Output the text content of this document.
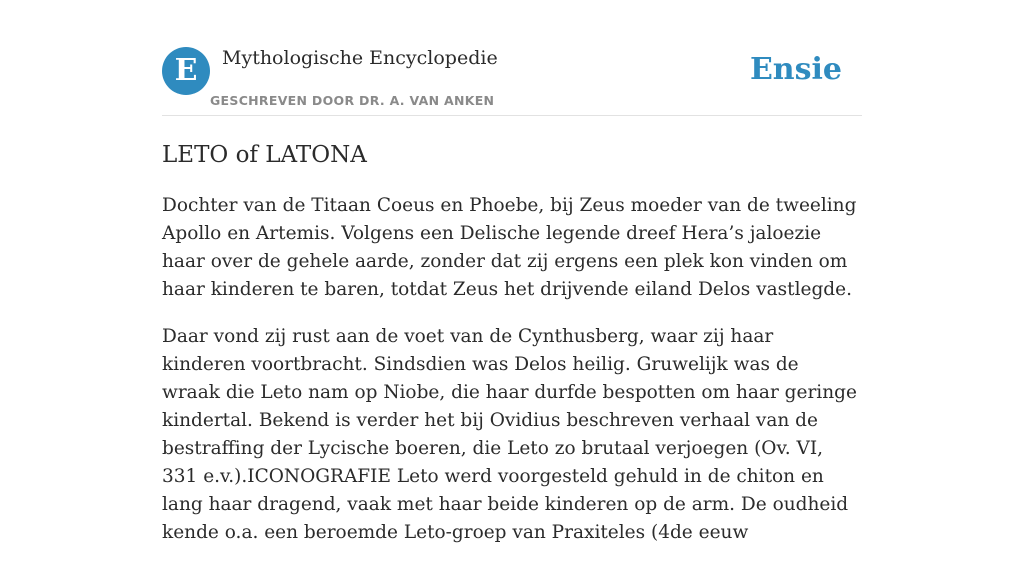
E	Mythologische Encyclopedie
GESCHREVEN DOOR DR. A. VAN ANKEN
Ensie
LETO of LATONA

Dochter van de Titaan Coeus en Phoebe, bij Zeus moeder van de tweeling Apollo en Artemis. Volgens een Delische legende dreef Hera’s jaloezie haar over de gehele aarde, zonder dat zij ergens een plek kon vinden om haar kinderen te baren, totdat Zeus het drijvende eiland Delos vastlegde.

Daar vond zij rust aan de voet van de Cynthusberg, waar zij haar kinderen voortbracht. Sindsdien was Delos heilig. Gruwelijk was de wraak die Leto nam op Niobe, die haar durfde bespotten om haar geringe kindertal. Bekend is verder het bij Ovidius beschreven verhaal van de bestraffing der Lycische boeren, die Leto zo brutaal verjoegen (Ov. VI, 331 e.v.).ICONOGRAFIE Leto werd voorgesteld gehuld in de chiton en lang haar dragend, vaak met haar beide kinderen op de arm. De oudheid kende o.a. een beroemde Leto-groep van Praxiteles (4de eeuw
